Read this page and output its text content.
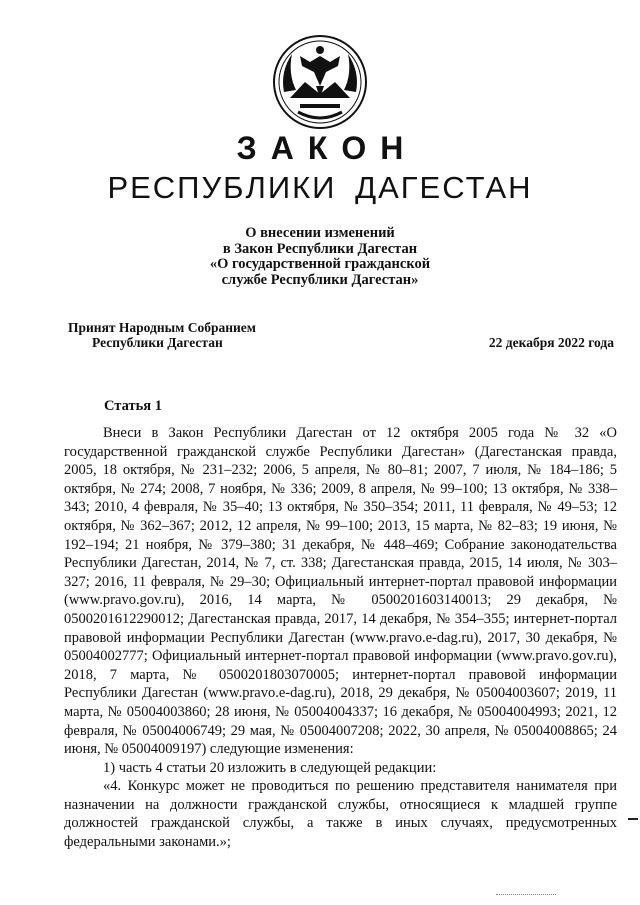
ЗАКОН
РЕСПУБЛИКИ ДАГЕСТАН
О внесении изменений
в Закон Республики Дагестан
«О государственной гражданской
службе Республики Дагестан»
Принят Народным Собранием
Республики Дагестан	22 декабря 2022 года
Статья 1

Внеси в Закон Республики Дагестан от 12 октября 2005 года № 32 «О государственной гражданской службе Республики Дагестан» (Дагестанская правда, 2005, 18 октября, № 231–232; 2006, 5 апреля, № 80–81; 2007, 7 июля, № 184–186; 5 октября, № 274; 2008, 7 ноября, № 336; 2009, 8 апреля, № 99–100; 13 октября, № 338–343; 2010, 4 февраля, № 35–40; 13 октября, № 350–354; 2011, 11 февраля, № 49–53; 12 октября, № 362–367; 2012, 12 апреля, № 99–100; 2013, 15 марта, № 82–83; 19 июня, № 192–194; 21 ноября, № 379–380; 31 декабря, № 448–469; Собрание законодательства Республики Дагестан, 2014, № 7, ст. 338; Дагестанская правда, 2015, 14 июля, № 303–327; 2016, 11 февраля, № 29–30; Официальный интернет-портал правовой информации (www.pravo.gov.ru), 2016, 14 марта, № 0500201603140013; 29 декабря, № 0500201612290012; Дагестанская правда, 2017, 14 декабря, № 354–355; интернет-портал правовой информации Республики Дагестан (www.pravo.e-dag.ru), 2017, 30 декабря, № 05004002777; Официальный интернет-портал правовой информации (www.pravo.gov.ru), 2018, 7 марта, № 0500201803070005; интернет-портал правовой информации Республики Дагестан (www.pravo.e-dag.ru), 2018, 29 декабря, № 05004003607; 2019, 11 марта, № 05004003860; 28 июня, № 05004004337; 16 декабря, № 05004004993; 2021, 12 февраля, № 05004006749; 29 мая, № 05004007208; 2022, 30 апреля, № 05004008865; 24 июня, № 05004009197) следующие изменения:

1) часть 4 статьи 20 изложить в следующей редакции:

«4. Конкурс может не проводиться по решению представителя нанимателя при назначении на должности гражданской службы, относящиеся к младшей группе должностей гражданской службы, а также в иных случаях, предусмотренных федеральными законами.»;
